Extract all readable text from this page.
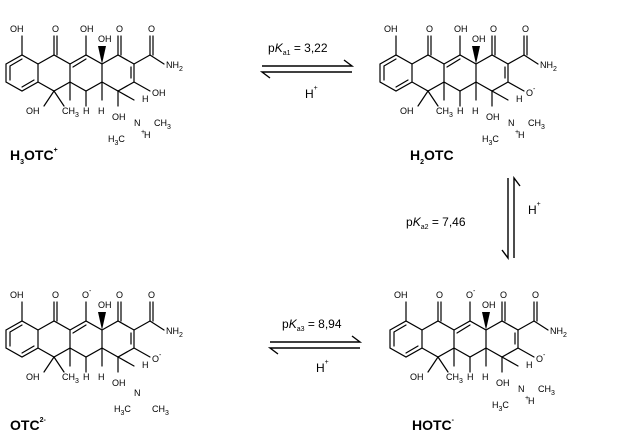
OH	O OH
OH
O	O
$NH_2$
OH
OH	$CH_3$ H H
OH
H
N
+
H
$H_3C$
$CH_3$
$H_3OTC^+$
OH	O OH
OH
O	O
$NH_2$
O-
OH	$CH_3$ H H
OH
H
N
+
H
$H_3C$
$CH_3$
$H_2OTC$
OH	O	O-
OH
O	O
$NH_2$
O-
OH	$CH_3$ H H
OH
H
N
+
H
$H_3C$
$CH_3$
HOTC-
OH	O	O-
OH
O	O
$NH_2$
O-
OH	$CH_3$ H H
OH
H
N
$H_3C$ $CH_3$
$OTC^{2-}$
$pK_{a1} = 3,22$
H+
$pK_{a2} = 7,46$
H+
$pK_{a3} = 8,94$
H+
